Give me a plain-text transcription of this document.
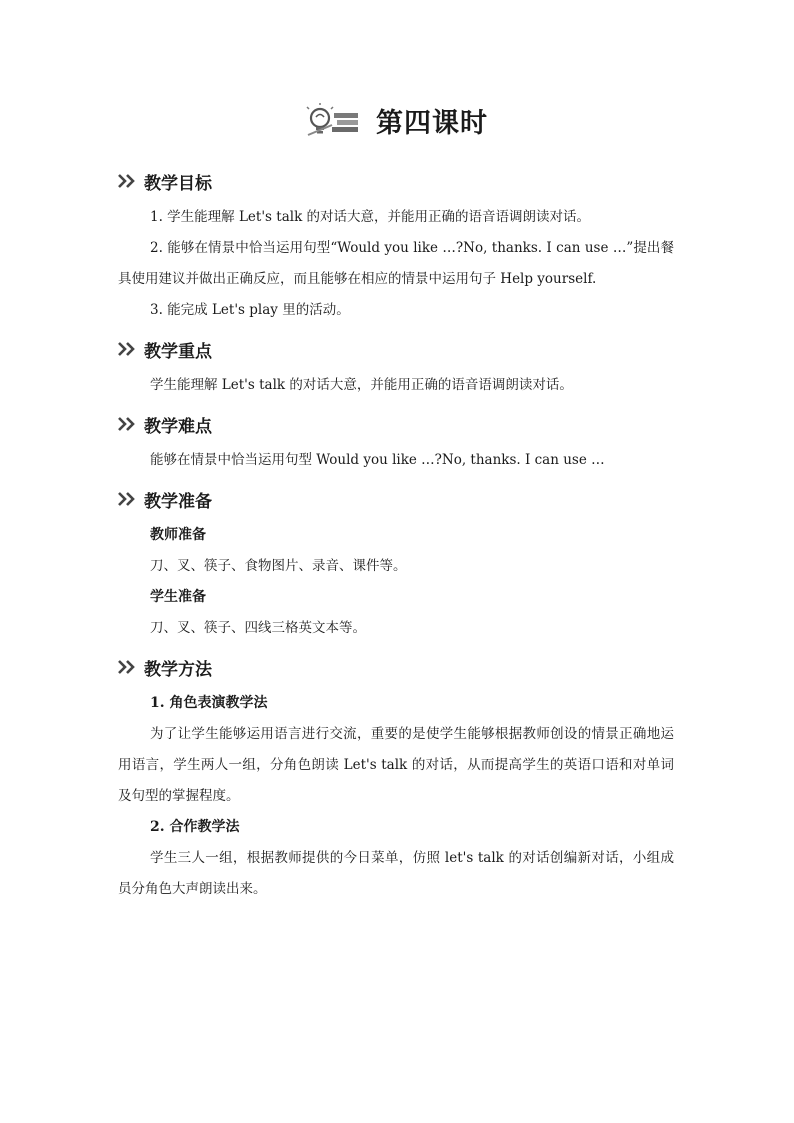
第四课时
教学目标
1. 学生能理解 Let's talk 的对话大意，并能用正确的语音语调朗读对话。
2. 能够在情景中恰当运用句型“Would you like …?No, thanks. I can use …”提出餐具使用建议并做出正确反应，而且能够在相应的情景中运用句子 Help yourself.
3. 能完成 Let's play 里的活动。
教学重点
学生能理解 Let's talk 的对话大意，并能用正确的语音语调朗读对话。
教学难点
能够在情景中恰当运用句型 Would you like …?No, thanks. I can use …
教学准备
教师准备
刀、叉、筷子、食物图片、录音、课件等。
学生准备
刀、叉、筷子、四线三格英文本等。
教学方法
1. 角色表演教学法
为了让学生能够运用语言进行交流，重要的是使学生能够根据教师创设的情景正确地运用语言，学生两人一组，分角色朗读 Let's talk 的对话，从而提高学生的英语口语和对单词及句型的掌握程度。
2. 合作教学法
学生三人一组，根据教师提供的今日菜单，仿照 let's talk 的对话创编新对话，小组成员分角色大声朗读出来。
